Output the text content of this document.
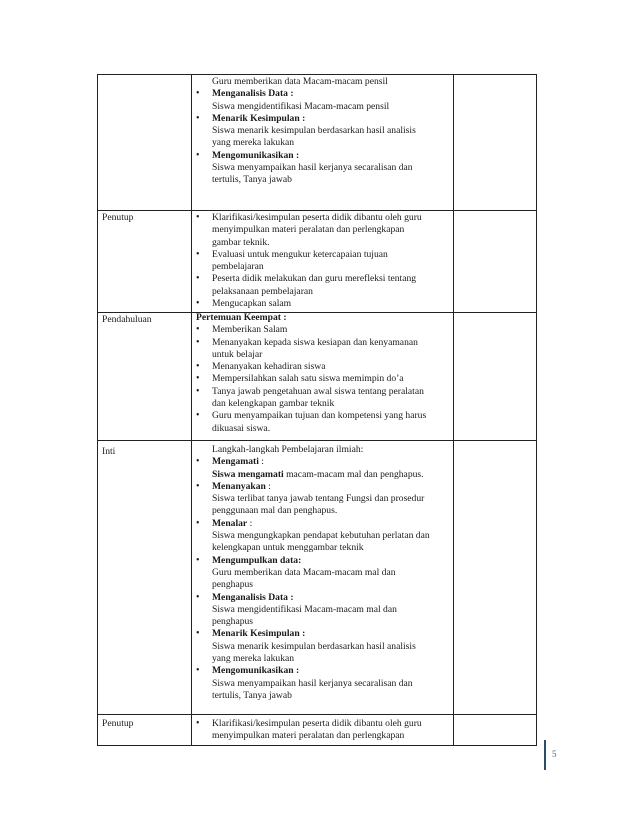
Penutup
Pendahuluan
Inti
Penutup
Guru memberikan data Macam-macam pensil
• Menganalisis Data :
Siswa mengidentifikasi Macam-macam pensil
• Menarik Kesimpulan :
Siswa menarik kesimpulan berdasarkan hasil analisis
yang mereka lakukan
• Mengomunikasikan :
Siswa menyampaikan hasil kerjanya secaralisan dan
tertulis, Tanya jawab
• Klarifikasi/kesimpulan peserta didik dibantu oleh guru
menyimpulkan materi peralatan dan perlengkapan
gambar teknik.
• Evaluasi untuk mengukur ketercapaian tujuan
pembelajaran
• Peserta didik melakukan dan guru merefleksi tentang
pelaksanaan pembelajaran
• Mengucapkan salam
Pertemuan Keempat :
• Memberikan Salam
• Menanyakan kepada siswa kesiapan dan kenyamanan
untuk belajar
• Menanyakan kehadiran siswa
• Mempersilahkan salah satu siswa memimpin do’a
• Tanya jawab pengetahuan awal siswa tentang peralatan
dan kelengkapan gambar teknik
• Guru menyampaikan tujuan dan kompetensi yang harus
dikuasai siswa.
Langkah-langkah Pembelajaran ilmiah:
• Mengamati :
Siswa mengamati macam-macam mal dan penghapus.
• Menanyakan :
Siswa terlibat tanya jawab tentang Fungsi dan prosedur
penggunaan mal dan penghapus.
• Menalar :
Siswa mengungkapkan pendapat kebutuhan perlatan dan
kelengkapan untuk menggambar teknik
• Mengumpulkan data:
Guru memberikan data Macam-macam mal dan
penghapus
• Menganalisis Data :
Siswa mengidentifikasi Macam-macam mal dan
penghapus
• Menarik Kesimpulan :
Siswa menarik kesimpulan berdasarkan hasil analisis
yang mereka lakukan
• Mengomunikasikan :
Siswa menyampaikan hasil kerjanya secaralisan dan
tertulis, Tanya jawab
• Klarifikasi/kesimpulan peserta didik dibantu oleh guru
menyimpulkan materi peralatan dan perlengkapan
5
